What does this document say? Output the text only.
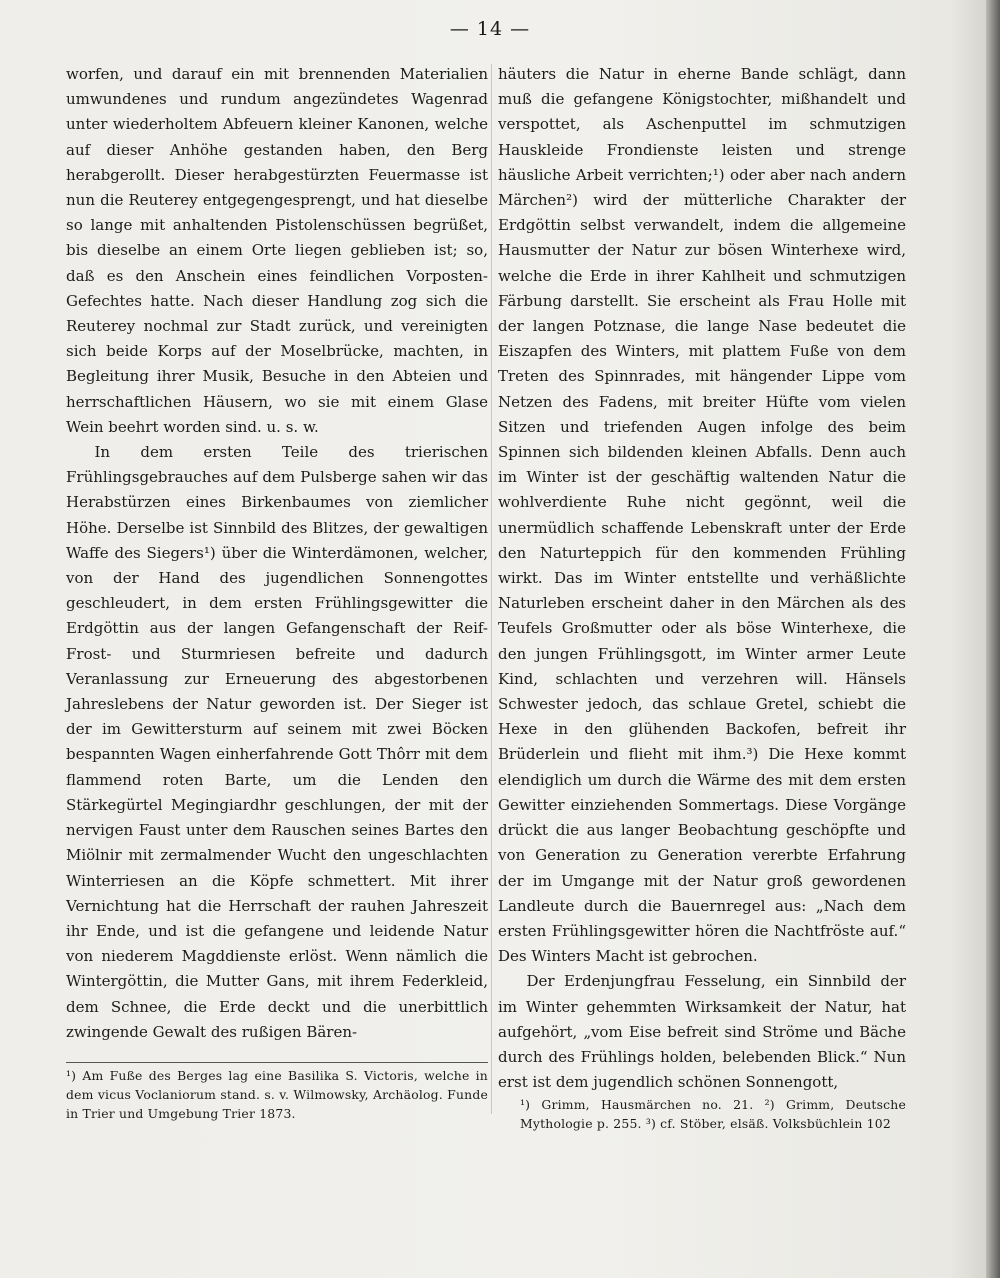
— 14 —

worfen, und darauf ein mit brennenden Materialien umwundenes und rundum angezündetes Wagenrad unter wiederholtem Abfeuern kleiner Kanonen, welche auf dieser Anhöhe gestanden haben, den Berg herabgerollt. Dieser herabgestürzten Feuermasse ist nun die Reuterey entgegengesprengt, und hat dieselbe so lange mit anhaltenden Pistolenschüssen begrüßet, bis dieselbe an einem Orte liegen geblieben ist; so, daß es den Anschein eines feindlichen Vorposten-Gefechtes hatte. Nach dieser Handlung zog sich die Reuterey nochmal zur Stadt zurück, und vereinigten sich beide Korps auf der Moselbrücke, machten, in Begleitung ihrer Musik, Besuche in den Abteien und herrschaftlichen Häusern, wo sie mit einem Glase Wein beehrt worden sind. u. s. w.

In dem ersten Teile des trierischen Frühlingsgebrauches auf dem Pulsberge sahen wir das Herabstürzen eines Birkenbaumes von ziemlicher Höhe. Derselbe ist Sinnbild des Blitzes, der gewaltigen Waffe des Siegers¹) über die Winterdämonen, welcher, von der Hand des jugendlichen Sonnengottes geschleudert, in dem ersten Frühlingsgewitter die Erdgöttin aus der langen Gefangenschaft der Reif-Frost- und Sturmriesen befreite und dadurch Veranlassung zur Erneuerung des abgestorbenen Jahreslebens der Natur geworden ist. Der Sieger ist der im Gewittersturm auf seinem mit zwei Böcken bespannten Wagen einherfahrende Gott Thôrr mit dem flammend roten Barte, um die Lenden den Stärkegürtel Megingiardhr geschlungen, der mit der nervigen Faust unter dem Rauschen seines Bartes den Miölnir mit zermalmender Wucht den ungeschlachten Winterriesen an die Köpfe schmettert. Mit ihrer Vernichtung hat die Herrschaft der rauhen Jahreszeit ihr Ende, und ist die gefangene und leidende Natur von niederem Magddienste erlöst. Wenn nämlich die Wintergöttin, die Mutter Gans, mit ihrem Federkleid, dem Schnee, die Erde deckt und die unerbittlich zwingende Gewalt des rußigen Bären-

häuters die Natur in eherne Bande schlägt, dann muß die gefangene Königstochter, mißhandelt und verspottet, als Aschenputtel im schmutzigen Hauskleide Frondienste leisten und strenge häusliche Arbeit verrichten;¹) oder aber nach andern Märchen²) wird der mütterliche Charakter der Erdgöttin selbst verwandelt, indem die allgemeine Hausmutter der Natur zur bösen Winterhexe wird, welche die Erde in ihrer Kahlheit und schmutzigen Färbung darstellt. Sie erscheint als Frau Holle mit der langen Potznase, die lange Nase bedeutet die Eiszapfen des Winters, mit plattem Fuße von dem Treten des Spinnrades, mit hängender Lippe vom Netzen des Fadens, mit breiter Hüfte vom vielen Sitzen und triefenden Augen infolge des beim Spinnen sich bildenden kleinen Abfalls. Denn auch im Winter ist der geschäftig waltenden Natur die wohlverdiente Ruhe nicht gegönnt, weil die unermüdlich schaffende Lebenskraft unter der Erde den Naturteppich für den kommenden Frühling wirkt. Das im Winter entstellte und verhäßlichte Naturleben erscheint daher in den Märchen als des Teufels Großmutter oder als böse Winterhexe, die den jungen Frühlingsgott, im Winter armer Leute Kind, schlachten und verzehren will. Hänsels Schwester jedoch, das schlaue Gretel, schiebt die Hexe in den glühenden Backofen, befreit ihr Brüderlein und flieht mit ihm.³) Die Hexe kommt elendiglich um durch die Wärme des mit dem ersten Gewitter einziehenden Sommertags. Diese Vorgänge drückt die aus langer Beobachtung geschöpfte und von Generation zu Generation vererbte Erfahrung der im Umgange mit der Natur groß gewordenen Landleute durch die Bauernregel aus: „Nach dem ersten Frühlingsgewitter hören die Nachtfröste auf.“ Des Winters Macht ist gebrochen.

Der Erdenjungfrau Fesselung, ein Sinnbild der im Winter gehemmten Wirksamkeit der Natur, hat aufgehört, „vom Eise befreit sind Ströme und Bäche durch des Frühlings holden, belebenden Blick.“ Nun erst ist dem jugendlich schönen Sonnengott,

¹) Am Fuße des Berges lag eine Basilika S. Victoris, welche in dem vicus Voclaniorum stand. s. v. Wilmowsky, Archäolog. Funde in Trier und Umgebung Trier 1873.

¹) Grimm, Hausmärchen no. 21. ²) Grimm, Deutsche Mythologie p. 255. ³) cf. Stöber, elsäß. Volksbüchlein 102
